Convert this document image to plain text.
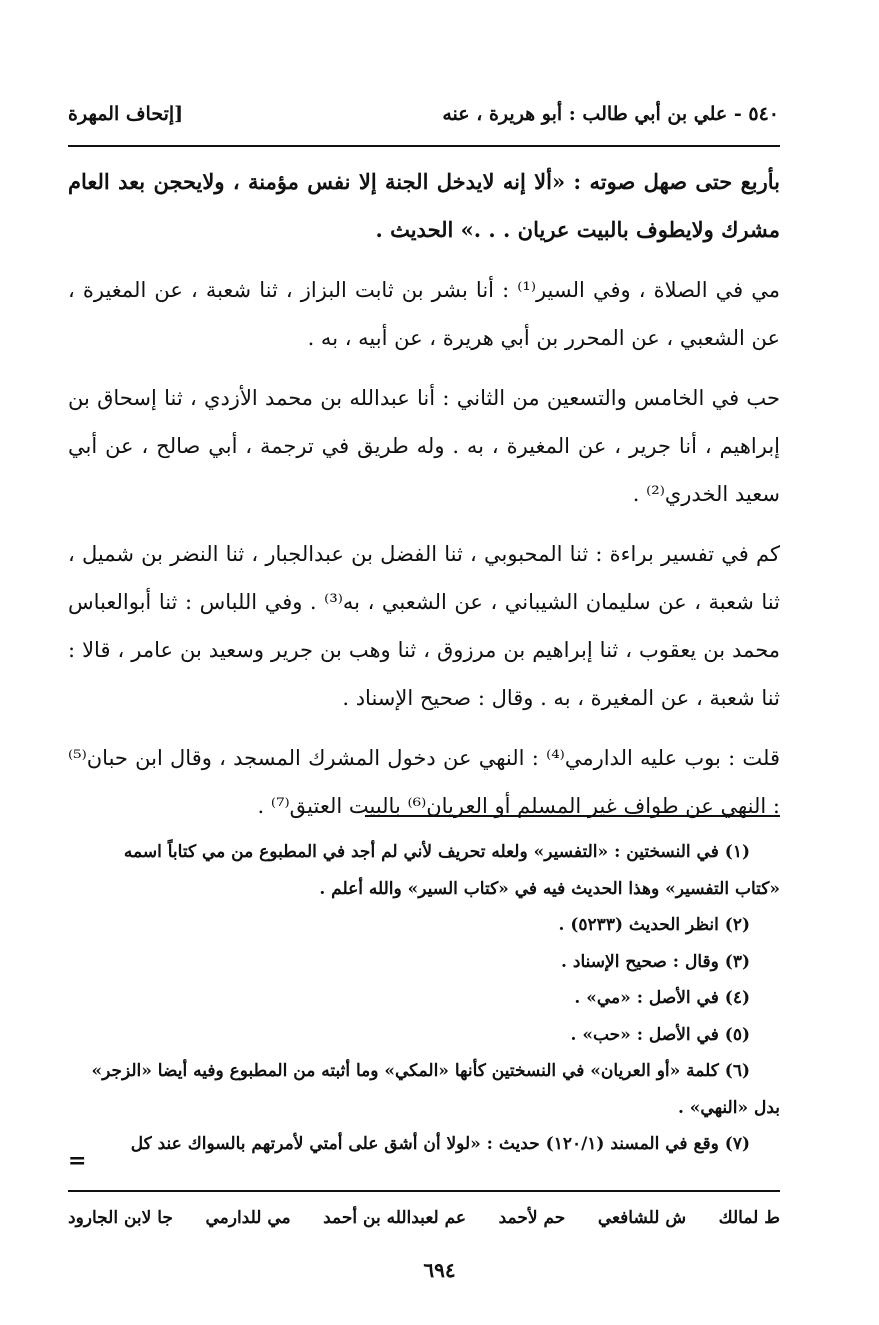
٥٤٠ - علي بن أبي طالب : أبو هريرة ، عنه
[إتحاف المهرة

بأربع حتى صهل صوته : «ألا إنه لايدخل الجنة إلا نفس مؤمنة ، ولايحجن بعد العام مشرك ولايطوف بالبيت عريان . . .» الحديث .

مي في الصلاة ، وفي السير⁽¹⁾ : أنا بشر بن ثابت البزاز ، ثنا شعبة ، عن المغيرة ، عن الشعبي ، عن المحرر بن أبي هريرة ، عن أبيه ، به .

حب في الخامس والتسعين من الثاني : أنا عبدالله بن محمد الأزدي ، ثنا إسحاق بن إبراهيم ، أنا جرير ، عن المغيرة ، به . وله طريق في ترجمة ، أبي صالح ، عن أبي سعيد الخدري⁽²⁾ .

كم في تفسير براءة : ثنا المحبوبي ، ثنا الفضل بن عبدالجبار ، ثنا النضر بن شميل ، ثنا شعبة ، عن سليمان الشيباني ، عن الشعبي ، به⁽³⁾ . وفي اللباس : ثنا أبوالعباس محمد بن يعقوب ، ثنا إبراهيم بن مرزوق ، ثنا وهب بن جرير وسعيد بن عامر ، قالا : ثنا شعبة ، عن المغيرة ، به . وقال : صحيح الإسناد .

قلت : بوب عليه الدارمي⁽⁴⁾ : النهي عن دخول المشرك المسجد ، وقال ابن حبان⁽⁵⁾ : النهي عن طواف غير المسلم أو العريان⁽⁶⁾ بالبيت العتيق⁽⁷⁾ .

(١) في النسختين : «التفسير» ولعله تحريف لأني لم أجد في المطبوع من مي كتاباً اسمه
«كتاب التفسير» وهذا الحديث فيه في «كتاب السير» والله أعلم .
(٢) انظر الحديث (٥٢٣٣) .
(٣) وقال : صحيح الإسناد .
(٤) في الأصل : «مي» .
(٥) في الأصل : «حب» .
(٦) كلمة «أو العريان» في النسختين كأنها «المكي» وما أثبته من المطبوع وفيه أيضا «الزجر»
بدل «النهي» .
(٧) وقع في المسند (١٢٠/١) حديث : «لولا أن أشق على أمتي لأمرتهم بالسواك عند كل
=
ط لمالك
ش للشافعي
حم لأحمد
عم لعبدالله بن أحمد
مي للدارمي
جا لابن الجارود
٦٩٤
